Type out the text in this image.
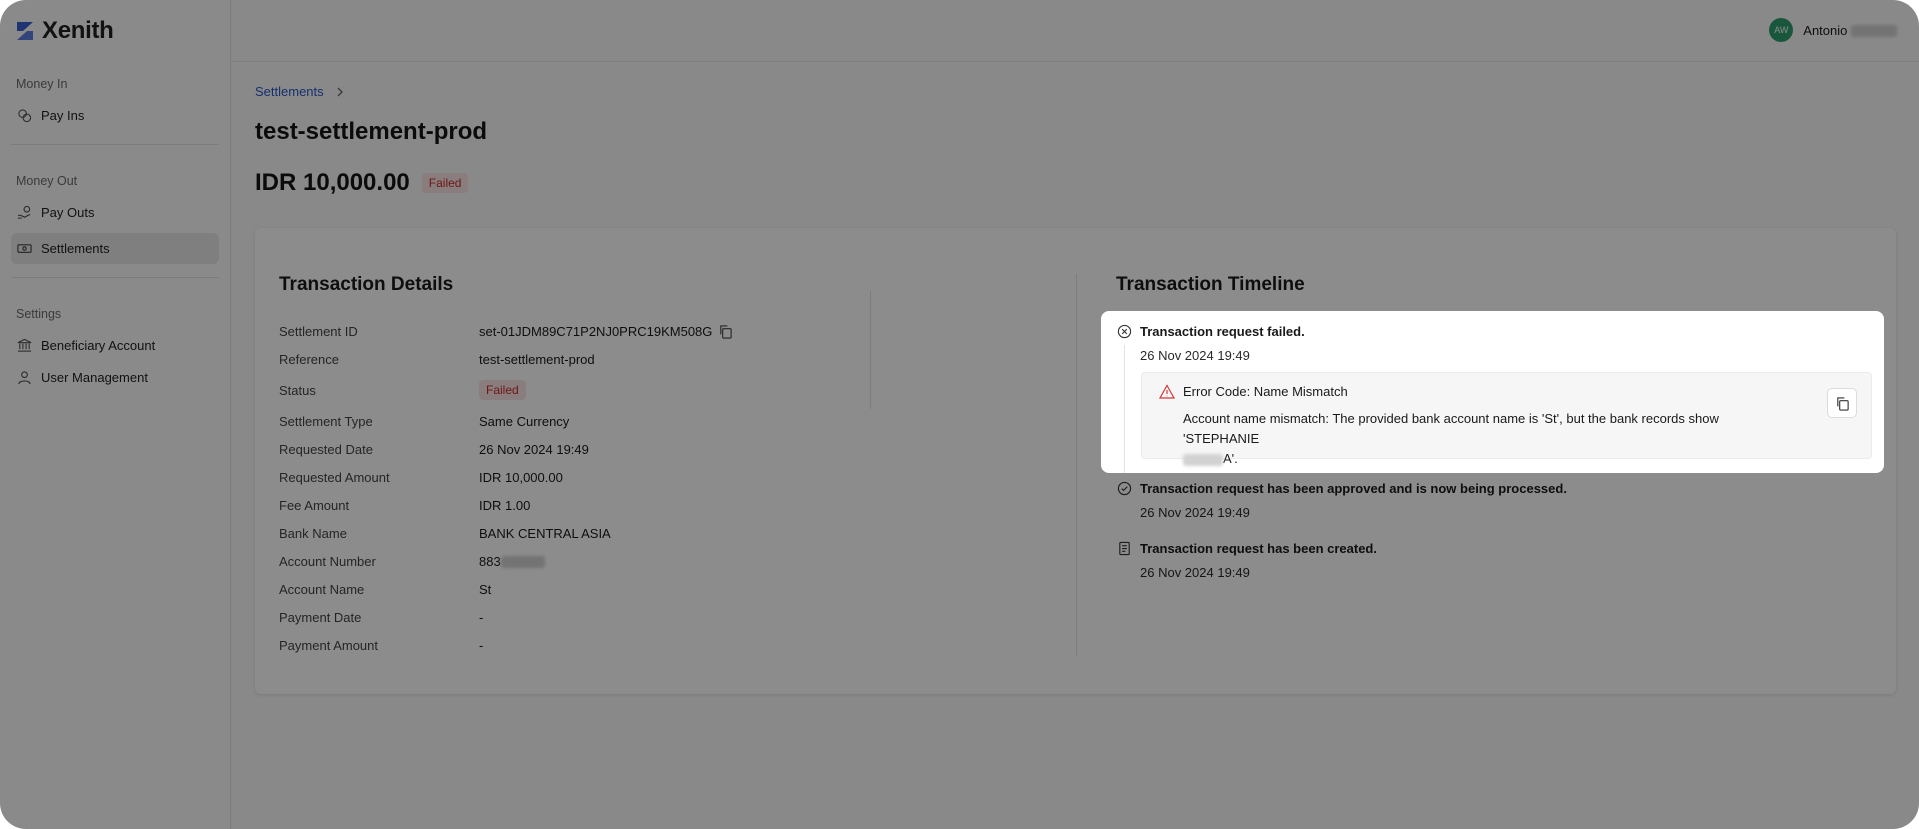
Xenith
Money In
Pay Ins
Money Out
Pay Outs
Settlements
Settings
Beneficiary Account
User Management
AW	Antonio
Settlements
test-settlement-prod
IDR 10,000.00	Failed
Transaction Details
Settlement ID	set-01JDM89C71P2NJ0PRC19KM508G
Reference	test-settlement-prod
Status	Failed
Settlement Type	Same Currency
Requested Date	26 Nov 2024 19:49
Requested Amount	IDR 10,000.00
Fee Amount	IDR 1.00
Bank Name	BANK CENTRAL ASIA
Account Number	883
Account Name	St
Payment Date	-
Payment Amount	-
Transaction Timeline
Transaction request has been approved and is now being processed.
26 Nov 2024 19:49
Transaction request has been created.
26 Nov 2024 19:49
Transaction request failed.
26 Nov 2024 19:49
Error Code: Name Mismatch
Account name mismatch: The provided bank account name is 'St', but the bank records show 'STEPHANIE
A'.
